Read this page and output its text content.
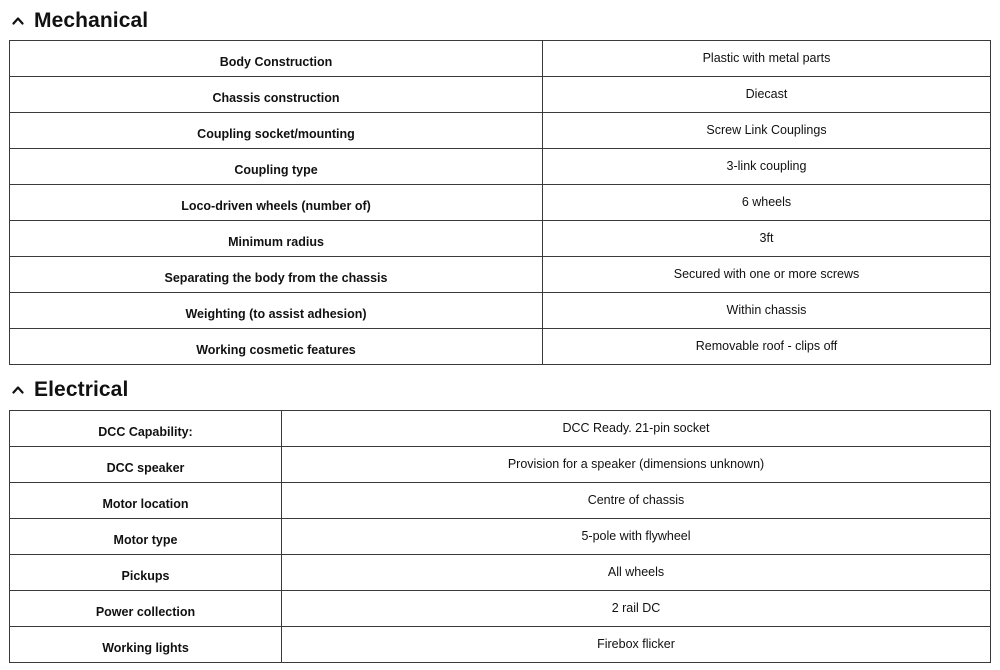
Mechanical
Body Construction	Plastic with metal parts
Chassis construction	Diecast
Coupling socket/mounting	Screw Link Couplings
Coupling type	3-link coupling
Loco-driven wheels (number of)	6 wheels
Minimum radius	3ft
Separating the body from the chassis	Secured with one or more screws
Weighting (to assist adhesion)	Within chassis
Working cosmetic features	Removable roof - clips off
Electrical
DCC Capability:	DCC Ready. 21-pin socket
DCC speaker	Provision for a speaker (dimensions unknown)
Motor location	Centre of chassis
Motor type	5-pole with flywheel
Pickups	All wheels
Power collection	2 rail DC
Working lights	Firebox flicker
